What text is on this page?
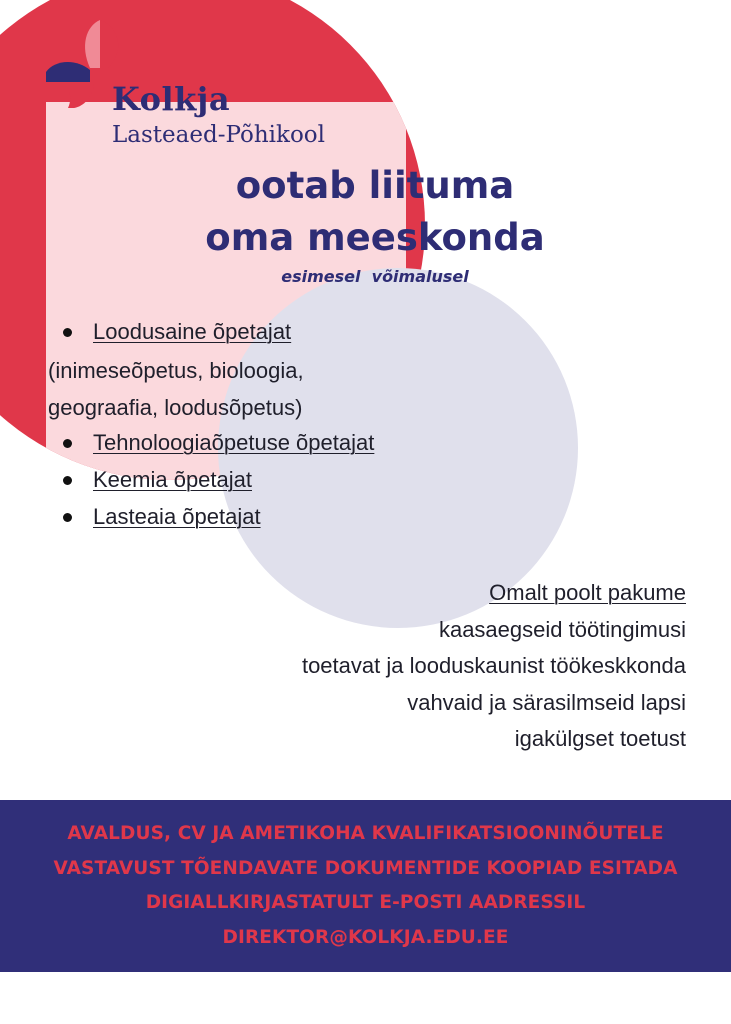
Kolkja
Lasteaed-Põhikool
ootab liituma
oma meeskonda
esimesel  võimalusel
Loodusaine õpetajat
(inimeseõpetus, bioloogia,
geograafia, loodusõpetus)
Tehnoloogiaõpetuse õpetajat
Keemia õpetajat
Lasteaia õpetajat
Omalt poolt pakume
kaasaegseid töötingimusi
toetavat ja looduskaunist töökeskkonda
vahvaid ja särasilmseid lapsi
igakülgset toetust
AVALDUS, CV JA AMETIKOHA KVALIFIKATSIOONINÕUTELE
VASTAVUST TÕENDAVATE DOKUMENTIDE KOOPIAD ESITADA
DIGIALLKIRJASTATULT E-POSTI AADRESSIL
DIREKTOR@KOLKJA.EDU.EE
